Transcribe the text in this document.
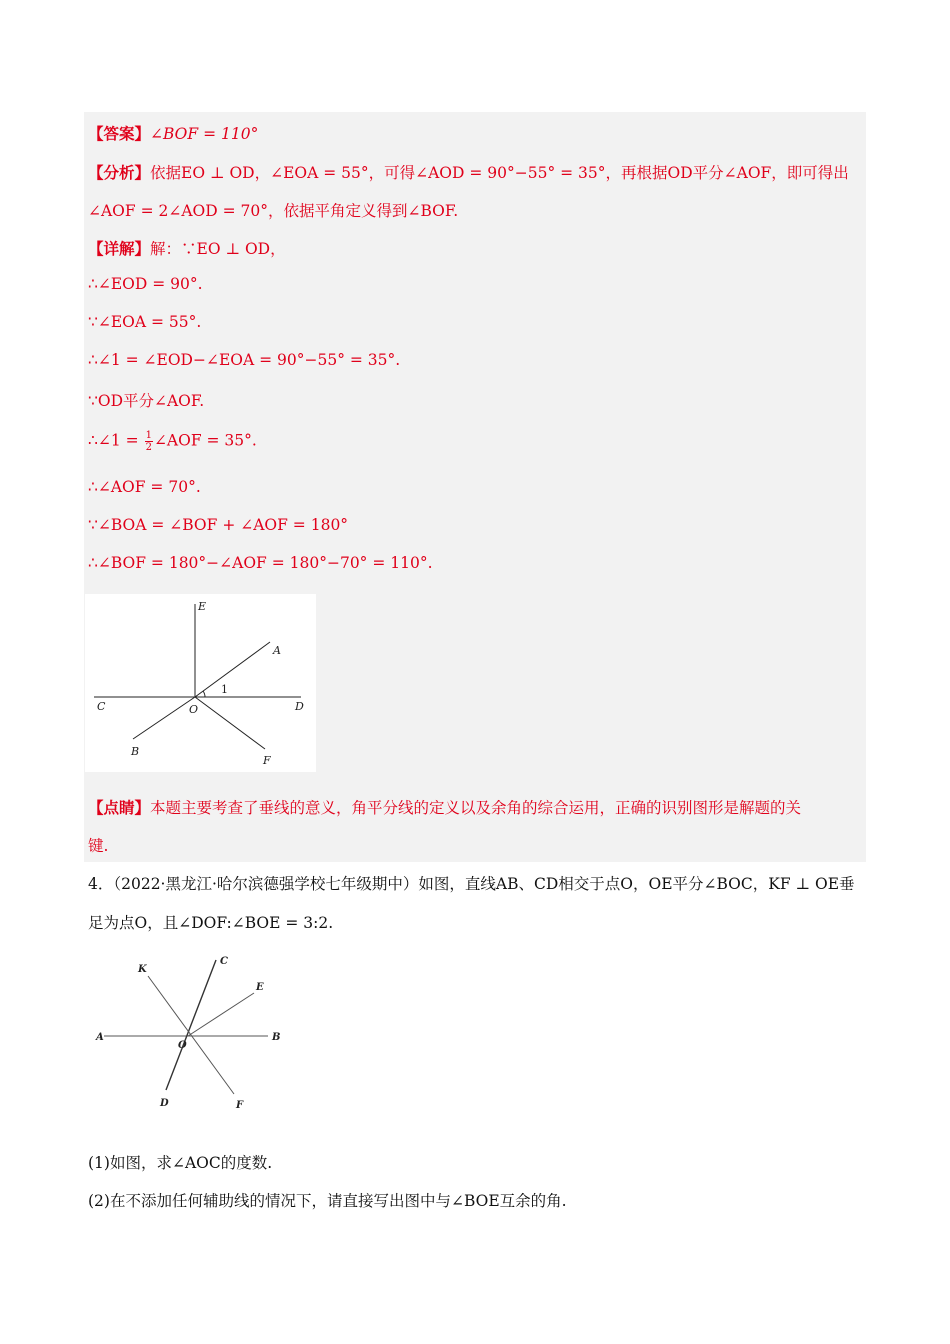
【答案】∠BOF = 110°
【分析】依据EO ⊥ OD，∠EOA = 55°，可得∠AOD = 90°−55° = 35°，再根据OD平分∠AOF，即可得出
∠AOF = 2∠AOD = 70°，依据平角定义得到∠BOF.
【详解】解：∵EO ⊥ OD，
∴∠EOD = 90°.
∵∠EOA = 55°.
∴∠1 = ∠EOD−∠EOA = 90°−55° = 35°.
∵OD平分∠AOF.
∴∠1 = $\frac{1}{2}$ ∠AOF = 35°.
∴∠AOF = 70°.
∵∠BOA = ∠BOF + ∠AOF = 180°
∴∠BOF = 180°−∠AOF = 180°−70° = 110°.
E
A
1
C	O	D
B
F
【点睛】本题主要考查了垂线的意义，角平分线的定义以及余角的综合运用，正确的识别图形是解题的关
键.
4．（2022·黑龙江·哈尔滨德强学校七年级期中）如图，直线AB、CD相交于点O，OE平分∠BOC，KF ⊥ OE垂
足为点O，且∠DOF:∠BOE = 3:2.
K
C
E
A
O
B
D	F
(1)如图，求∠AOC的度数.
(2)在不添加任何辅助线的情况下，请直接写出图中与∠BOE互余的角.
